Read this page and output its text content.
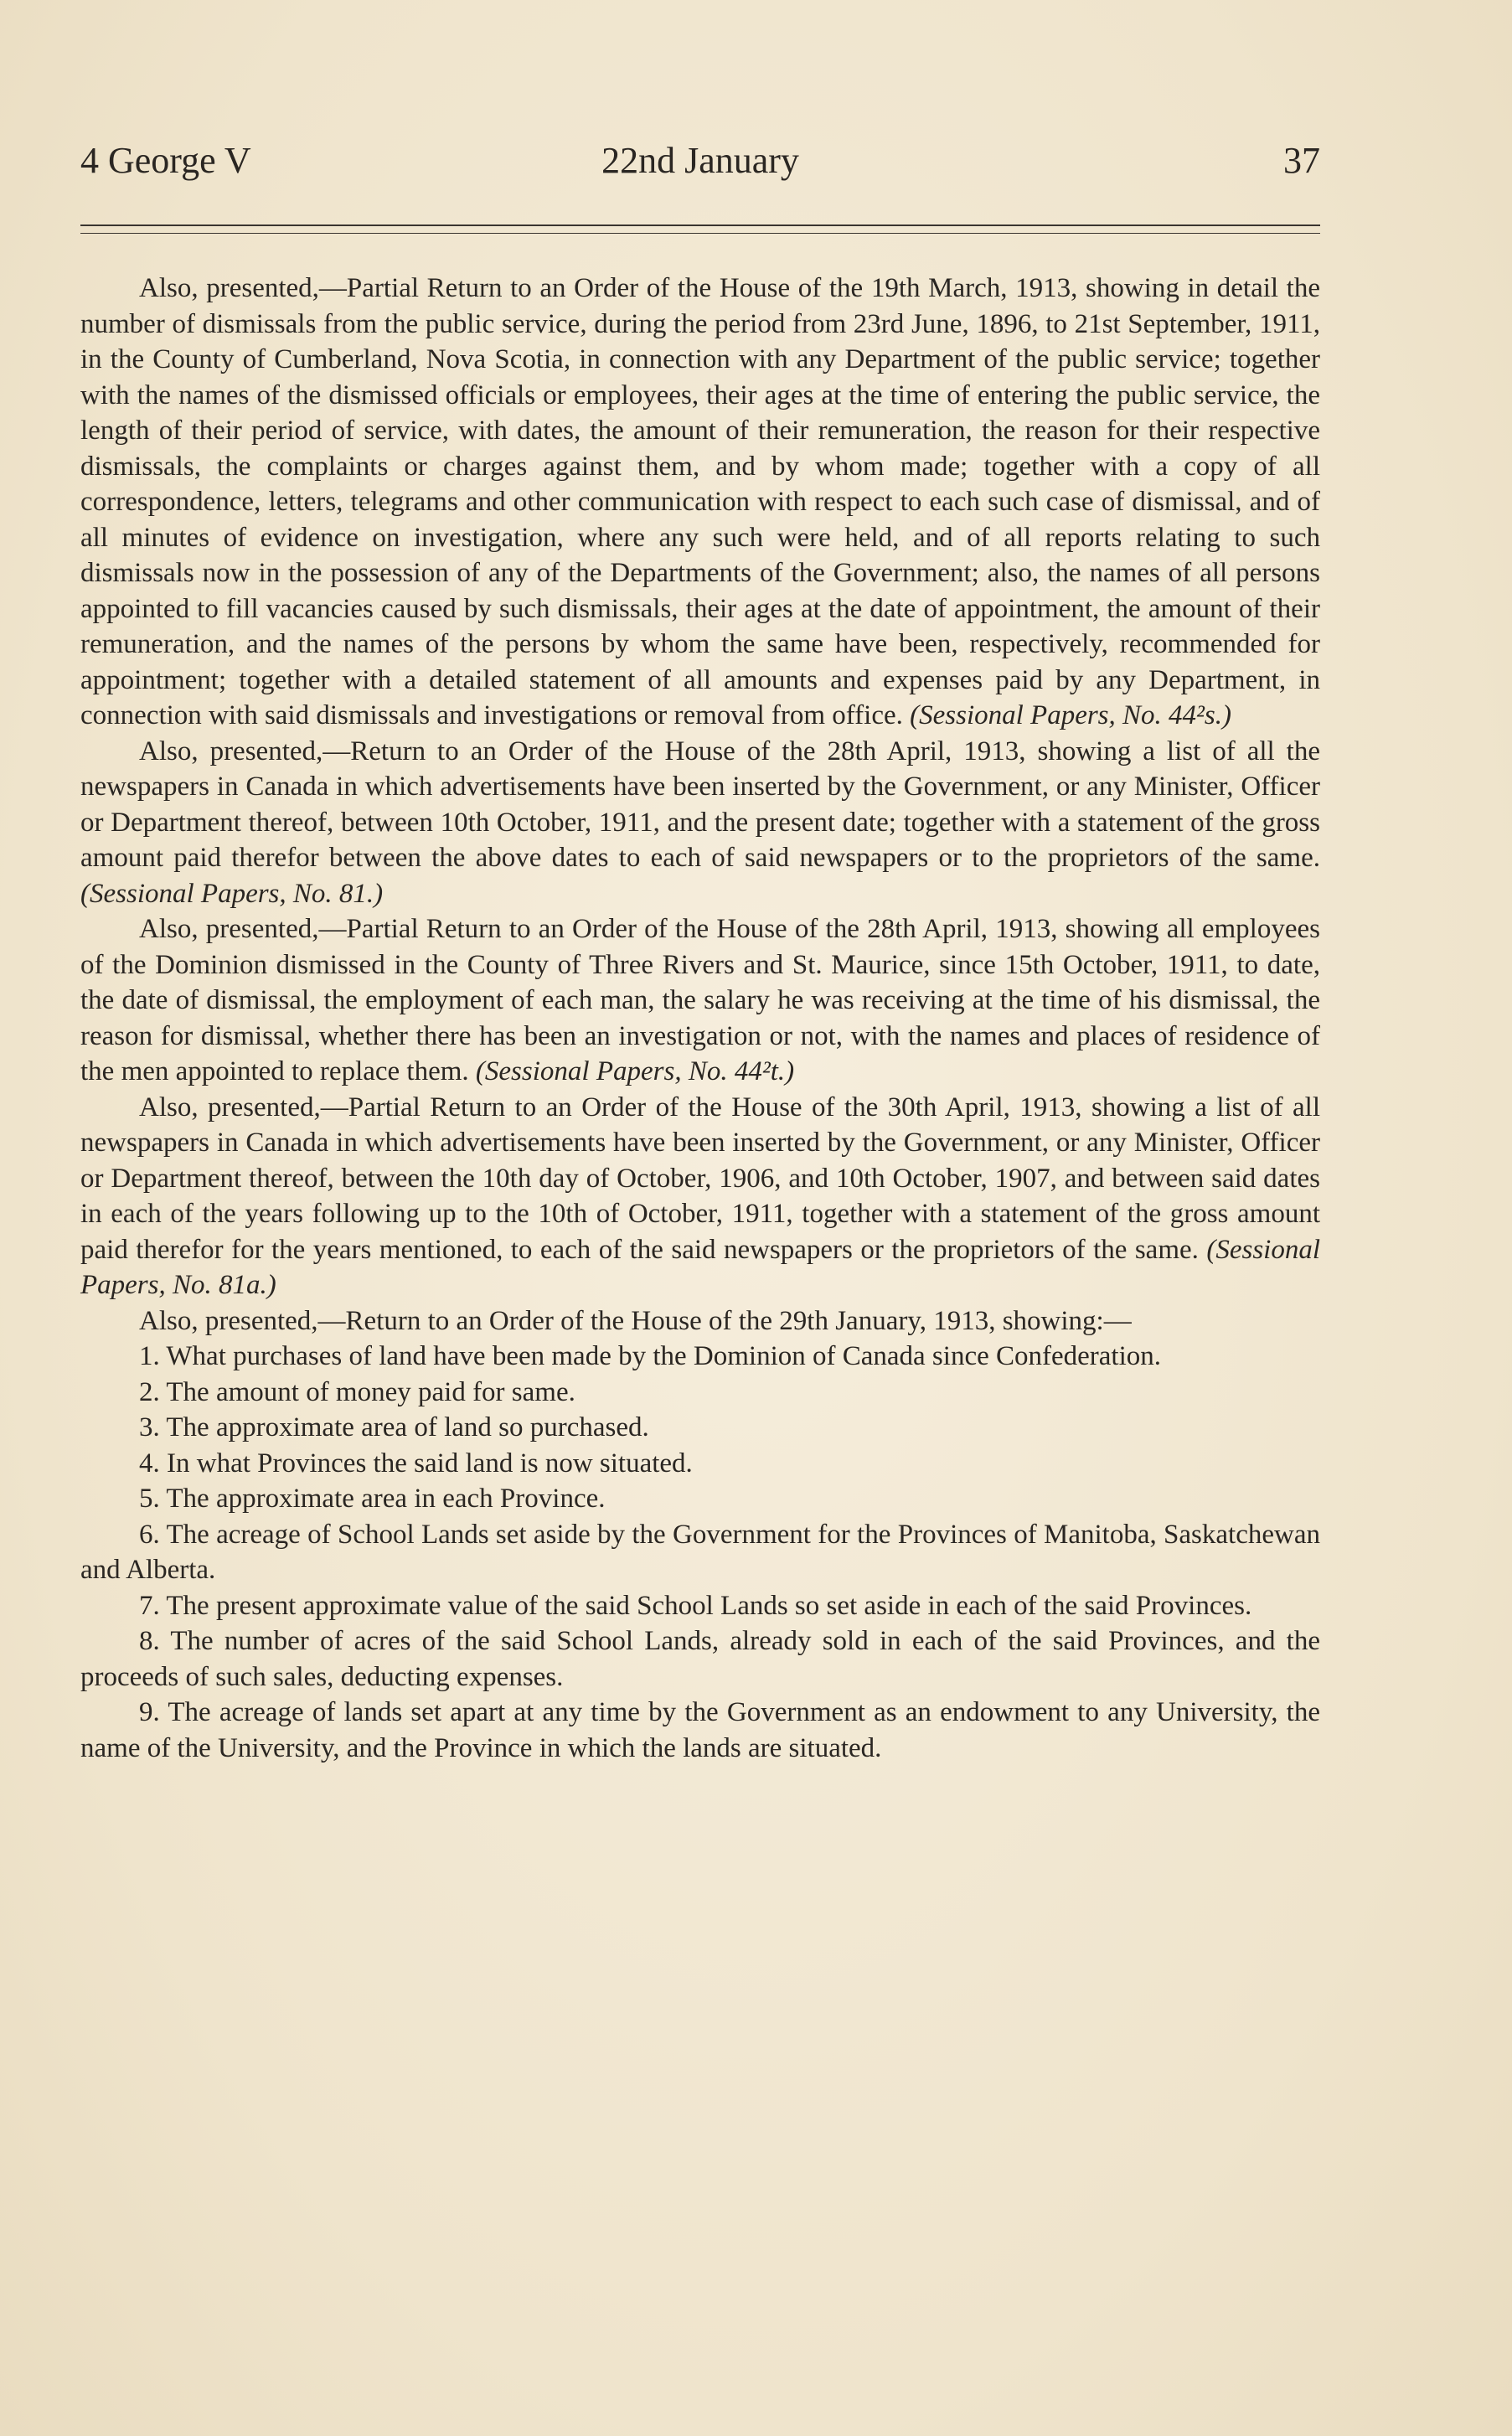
4 George V	22nd January	37

Also, presented,—Partial Return to an Order of the House of the 19th March, 1913, showing in detail the number of dismissals from the public service, during the period from 23rd June, 1896, to 21st September, 1911, in the County of Cumberland, Nova Scotia, in connection with any Department of the public service; together with the names of the dismissed officials or employees, their ages at the time of entering the public service, the length of their period of service, with dates, the amount of their remuneration, the reason for their respective dismissals, the complaints or charges against them, and by whom made; together with a copy of all correspondence, letters, telegrams and other communication with respect to each such case of dismissal, and of all minutes of evidence on investigation, where any such were held, and of all reports relating to such dismissals now in the possession of any of the Departments of the Government; also, the names of all persons appointed to fill vacancies caused by such dismissals, their ages at the date of appointment, the amount of their remuneration, and the names of the persons by whom the same have been, respectively, recommended for appointment; together with a detailed statement of all amounts and expenses paid by any Department, in connection with said dismissals and investigations or removal from office. (Sessional Papers, No. 44²s.)

Also, presented,—Return to an Order of the House of the 28th April, 1913, showing a list of all the newspapers in Canada in which advertisements have been inserted by the Government, or any Minister, Officer or Department thereof, between 10th October, 1911, and the present date; together with a statement of the gross amount paid therefor between the above dates to each of said newspapers or to the proprietors of the same. (Sessional Papers, No. 81.)

Also, presented,—Partial Return to an Order of the House of the 28th April, 1913, showing all employees of the Dominion dismissed in the County of Three Rivers and St. Maurice, since 15th October, 1911, to date, the date of dismissal, the employment of each man, the salary he was receiving at the time of his dismissal, the reason for dismissal, whether there has been an investigation or not, with the names and places of residence of the men appointed to replace them. (Sessional Papers, No. 44²t.)

Also, presented,—Partial Return to an Order of the House of the 30th April, 1913, showing a list of all newspapers in Canada in which advertisements have been inserted by the Government, or any Minister, Officer or Department thereof, between the 10th day of October, 1906, and 10th October, 1907, and between said dates in each of the years following up to the 10th of October, 1911, together with a statement of the gross amount paid therefor for the years mentioned, to each of the said newspapers or the proprietors of the same. (Sessional Papers, No. 81a.)

Also, presented,—Return to an Order of the House of the 29th January, 1913, showing:—

1. What purchases of land have been made by the Dominion of Canada since Confederation.

2. The amount of money paid for same.

3. The approximate area of land so purchased.

4. In what Provinces the said land is now situated.

5. The approximate area in each Province.

6. The acreage of School Lands set aside by the Government for the Provinces of Manitoba, Saskatchewan and Alberta.

7. The present approximate value of the said School Lands so set aside in each of the said Provinces.

8. The number of acres of the said School Lands, already sold in each of the said Provinces, and the proceeds of such sales, deducting expenses.

9. The acreage of lands set apart at any time by the Government as an endowment to any University, the name of the University, and the Province in which the lands are situated.
